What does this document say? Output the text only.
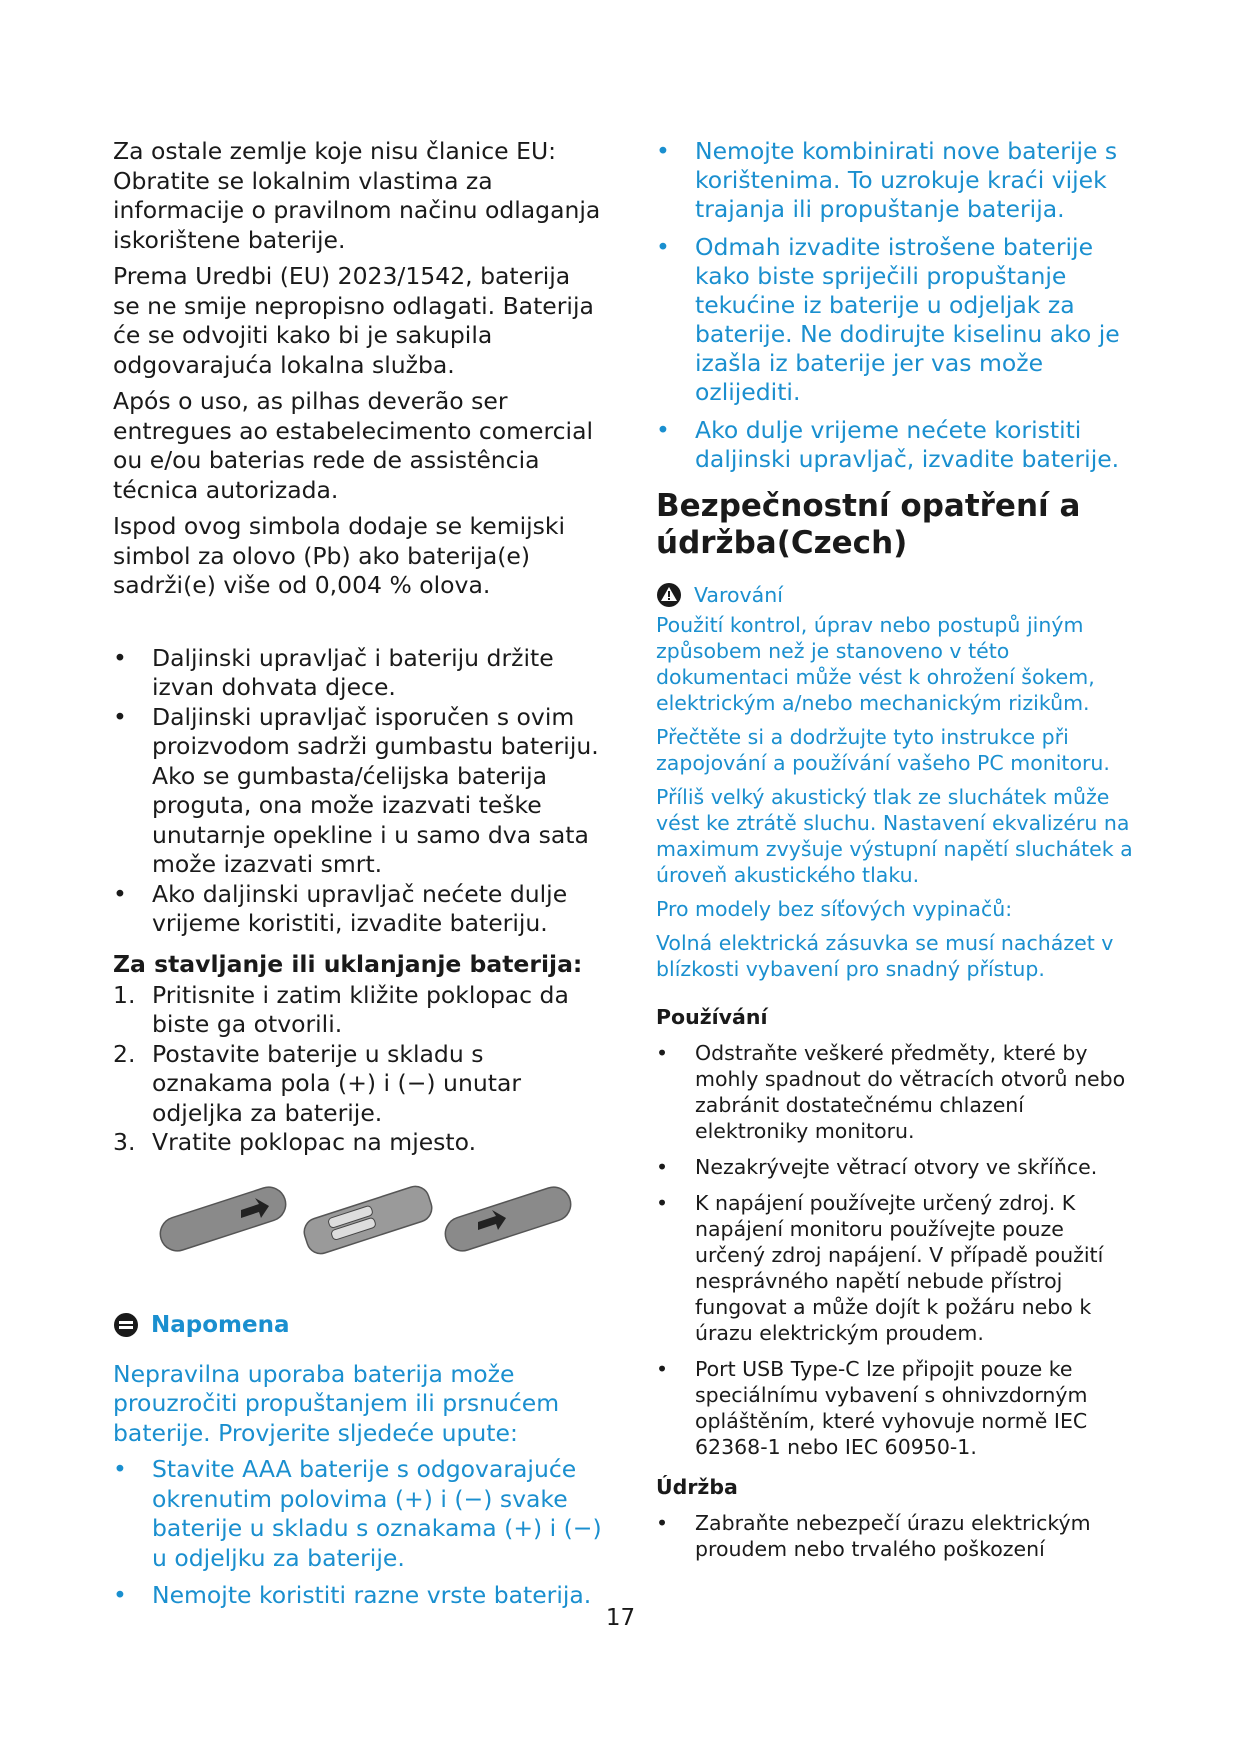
Za ostale zemlje koje nisu članice EU: Obratite se lokalnim vlastima za informacije o pravilnom načinu odlaganja iskorištene baterije.

Prema Uredbi (EU) 2023/1542, baterija se ne smije nepropisno odlagati. Baterija će se odvojiti kako bi je sakupila odgovarajuća lokalna služba.

Após o uso, as pilhas deverão ser entregues ao estabelecimento comercial ou e/ou baterias rede de assistência técnica autorizada.

Ispod ovog simbola dodaje se kemijski simbol za olovo (Pb) ako baterija(e) sadrži(e) više od 0,004 % olova.

• Daljinski upravljač i bateriju držite izvan dohvata djece.
• Daljinski upravljač isporučen s ovim proizvodom sadrži gumbastu bateriju. Ako se gumbasta/ćelijska baterija proguta, ona može izazvati teške unutarnje opekline i u samo dva sata može izazvati smrt.
• Ako daljinski upravljač nećete dulje vrijeme koristiti, izvadite bateriju.

Za stavljanje ili uklanjanje baterija:

1. Pritisnite i zatim kližite poklopac da biste ga otvorili.
2. Postavite baterije u skladu s oznakama pola (+) i (−) unutar odjeljka za baterije.
3. Vratite poklopac na mjesto.
Napomena

Nepravilna uporaba baterija može prouzročiti propuštanjem ili prsnućem baterije. Provjerite sljedeće upute:

• Stavite AAA baterije s odgovarajuće okrenutim polovima (+) i (−) svake baterije u skladu s oznakama (+) i (−) u odjeljku za baterije.
• Nemojte koristiti razne vrste baterija.
• Nemojte kombinirati nove baterije s korištenima. To uzrokuje kraći vijek trajanja ili propuštanje baterija.
• Odmah izvadite istrošene baterije kako biste spriječili propuštanje tekućine iz baterije u odjeljak za baterije. Ne dodirujte kiselinu ako je izašla iz baterije jer vas može ozlijediti.
• Ako dulje vrijeme nećete koristiti daljinski upravljač, izvadite baterije.

Bezpečnostní opatření a údržba(Czech)

Varování

Použití kontrol, úprav nebo postupů jiným způsobem než je stanoveno v této dokumentaci může vést k ohrožení šokem, elektrickým a/nebo mechanickým rizikům.

Přečtěte si a dodržujte tyto instrukce při zapojování a používání vašeho PC monitoru.

Příliš velký akustický tlak ze sluchátek může vést ke ztrátě sluchu. Nastavení ekvalizéru na maximum zvyšuje výstupní napětí sluchátek a úroveň akustického tlaku.

Pro modely bez síťových vypinačů:

Volná elektrická zásuvka se musí nacházet v blízkosti vybavení pro snadný přístup.

Používání

• Odstraňte veškeré předměty, které by mohly spadnout do větracích otvorů nebo zabránit dostatečnému chlazení elektroniky monitoru.
• Nezakrývejte větrací otvory ve skříňce.
• K napájení používejte určený zdroj. K napájení monitoru používejte pouze určený zdroj napájení. V případě použití nesprávného napětí nebude přístroj fungovat a může dojít k požáru nebo k úrazu elektrickým proudem.
• Port USB Type-C lze připojit pouze ke speciálnímu vybavení s ohnivzdorným opláštěním, které vyhovuje normě IEC 62368-1 nebo IEC 60950-1.

Údržba

• Zabraňte nebezpečí úrazu elektrickým proudem nebo trvalého poškození
17
